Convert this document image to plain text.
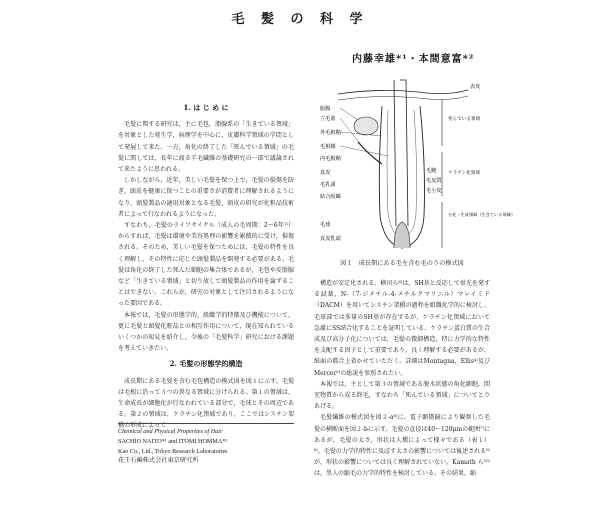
毛 髪 の 科 学
内藤幸雄*¹・本間意富*²
1. は じ め に

毛髪に関する研究は，主に毛包，脂腺系の「生きている領域」を対象とした発生学，病理学を中心に，皮膚科学領域の学問として発展して来た。一方，角化の終了した「死んでいる領域」の毛髪に関しては，長年に渡る羊毛繊維の基礎研究の一部で議論されて来たように思われる。

しかしながら，近年，美しい毛髪を保つ上で，毛髪の損傷を防ぎ，頭皮を健康に保つことの重要さが消費者に理解されるようになり，頭髪製品の適用対象となる毛髪，頭皮の研究が化粧品技術者によって行なわれるようになった。

すなわち，毛髪のライフサイクル（成人の毛周期：2～6年¹⁾）からすれば，毛髪は環境や美容処理の影響を累積的に受け，損傷される。そのため，美しい毛髪を保つためには，毛髪の特性を良く理解し，その特性に応じた頭髪製品を開発する必要がある。毛髪は角化の終了した死んだ細胞の集合体であるが，毛包や皮脂腺など「生きている領域」と切り放して頭髪製品の作用を論ずることはできない。これらが，研究の対象として注目されるようになった要因である。

本報では，毛髪の形態学的，組織学的特徴及び機能について，更に毛髪と頭髪化粧品との相互作用について，現在知られているいくつかの知見を紹介し，今後の「毛髪科学」研究における課題を考えていきたい。

2. 毛髪の形態学的構造

成長期にある毛髪を含む毛包構造の模式図を図１に示す。毛髪は毛根に沿って３つの異なる領域に分けられる。第１の領域は，生命成長が細胞化が行なわれている部分で，毛球とその周辺である。第２の領域は，ケラチン化領域であり，ここではシスチン架橋の形成によって

Chemical and Physical Properties of Hair
SACHIO NAITO*¹ and ITOMI HOMMA*²
Kao Co., Ltd., Tokyo Research Laboratories
花王石鹸株式会社東京研究所
脂腺
立毛筋
外毛根鞘
毛根鞘
内毛根鞘
真皮
毛乳頭
結合組織
毛髄
毛皮質
毛小皮
毛球
真皮乳頭
表皮
死んでいる領域
ケラチン化領域
分化・生成領域（生きている領域）
図１　成長期にある毛を含む毛のうの模式図

構造が安定化される。横田ら⁶⁾は，SH基と反応して蛍光を発する試薬，N-（7-ジメチル-4-メチルクマリニル）マレイミド（DACM）を用いてシスチン架橋の過程を組織化学的に検討し，毛球部では多量のSH基が存在するが，ケラチン化領域において急激にSS結合化することを証明している。ケラチン蛋白質の生合成及び高分子化については，毛髪の微細構造，特に力学的な特性を支配する因子として重要であり，良く理解する必要があるが，紙面の都合上省かせていただく。詳細はMontagna，Ellis⁴⁾及びMercer⁵⁾の総説を参照されたい。

本報では，主として第３の領域である脱水状態の角化細胞，間充物質から成る終毛，すなわち「死んでいる領域」についてとりあげる。

毛髪繊維の模式図を図２-a⁶⁾に，電子顕微鏡により観察した毛髪の横断面を図２-bに示す。毛髪の直径は40～120μmの範囲⁷⁾にあるが，毛髪の太さ，形状は人種によって様々である（表１）⁸⁾。毛髪の力学的特性に及ぼす太さの影響については後述される⁹⁾が，形状の影響については良く理解されていない。Kamath ら¹⁰⁾は，黒人の縮毛の力学的特性を検討している。その結果，縮
